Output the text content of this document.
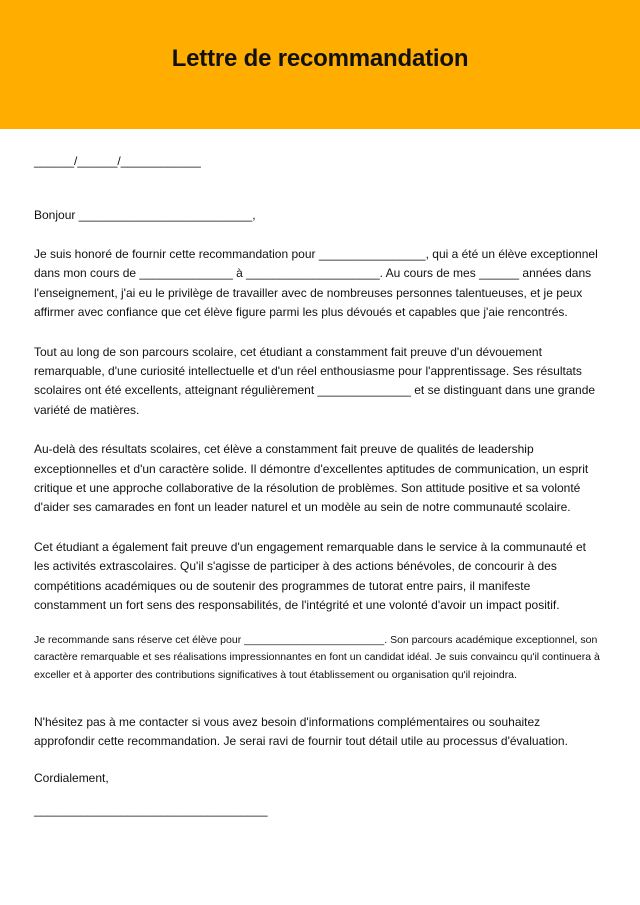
Lettre de recommandation

______/______/____________

Bonjour __________________________,

Je suis honoré de fournir cette recommandation pour ________________, qui a été un élève exceptionnel dans mon cours de ______________ à ____________________. Au cours de mes ______ années dans l'enseignement, j'ai eu le privilège de travailler avec de nombreuses personnes talentueuses, et je peux affirmer avec confiance que cet élève figure parmi les plus dévoués et capables que j'aie rencontrés.

Tout au long de son parcours scolaire, cet étudiant a constamment fait preuve d'un dévouement remarquable, d'une curiosité intellectuelle et d'un réel enthousiasme pour l'apprentissage. Ses résultats scolaires ont été excellents, atteignant régulièrement ______________ et se distinguant dans une grande variété de matières.

Au-delà des résultats scolaires, cet élève a constamment fait preuve de qualités de leadership exceptionnelles et d'un caractère solide. Il démontre d'excellentes aptitudes de communication, un esprit critique et une approche collaborative de la résolution de problèmes. Son attitude positive et sa volonté d'aider ses camarades en font un leader naturel et un modèle au sein de notre communauté scolaire.

Cet étudiant a également fait preuve d'un engagement remarquable dans le service à la communauté et les activités extrascolaires. Qu'il s'agisse de participer à des actions bénévoles, de concourir à des compétitions académiques ou de soutenir des programmes de tutorat entre pairs, il manifeste constamment un fort sens des responsabilités, de l'intégrité et une volonté d'avoir un impact positif.

Je recommande sans réserve cet élève pour ________________________. Son parcours académique exceptionnel, son caractère remarquable et ses réalisations impressionnantes en font un candidat idéal. Je suis convaincu qu'il continuera à exceller et à apporter des contributions significatives à tout établissement ou organisation qu'il rejoindra.

N'hésitez pas à me contacter si vous avez besoin d'informations complémentaires ou souhaitez approfondir cette recommandation. Je serai ravi de fournir tout détail utile au processus d'évaluation.

Cordialement,

___________________________________
